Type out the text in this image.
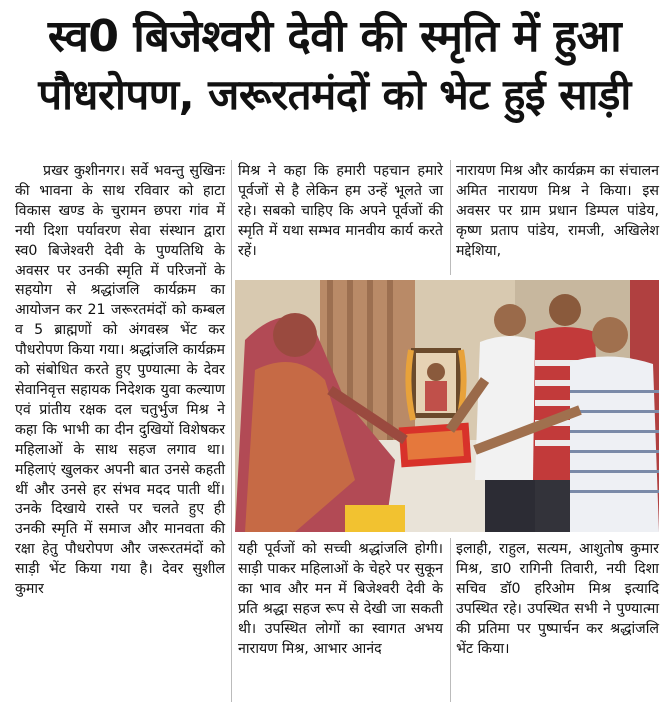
स्व0 बिजेश्वरी देवी की स्मृति में हुआ
पौधरोपण, जरूरतमंदों को भेट हुई साड़ी

प्रखर कुशीनगर। सर्वे भवन्तु सुखिनः की भावना के साथ रविवार को हाटा विकास खण्ड के चुरामन छपरा गांव में नयी दिशा पर्यावरण सेवा संस्थान द्वारा स्व0 बिजेश्वरी देवी के पुण्यतिथि के अवसर पर उनकी स्मृति में परिजनों के सहयोग से श्रद्धांजलि कार्यक्रम का आयोजन कर 21 जरूरतमंदों को कम्बल व 5 ब्राह्मणों को अंगवस्त्र भेंट कर पौधरोपण किया गया। श्रद्धांजलि कार्यक्रम को संबोधित करते हुए पुण्यात्मा के देवर सेवानिवृत्त सहायक निदेशक युवा कल्याण एवं प्रांतीय रक्षक दल चतुर्भुज मिश्र ने कहा कि भाभी का दीन दुखियों विशेषकर महिलाओं के साथ सहज लगाव था। महिलाएं खुलकर अपनी बात उनसे कहती थीं और उनसे हर संभव मदद पाती थीं। उनके दिखाये रास्ते पर चलते हुए ही उनकी स्मृति में समाज और मानवता की रक्षा हेतु पौधरोपण और जरूरतमंदों को साड़ी भेंट किया गया है। देवर सुशील कुमार

मिश्र ने कहा कि हमारी पहचान हमारे पूर्वजों से है लेकिन हम उन्हें भूलते जा रहे। सबको चाहिए कि अपने पूर्वजों की स्मृति में यथा सम्भव मानवीय कार्य करते रहें।

नारायण मिश्र और कार्यक्रम का संचालन अमित नारायण मिश्र ने किया। इस अवसर पर ग्राम प्रधान डिम्पल पांडेय, कृष्ण प्रताप पांडेय, रामजी, अखिलेश मद्देशिया,

यही पूर्वजों को सच्ची श्रद्धांजलि होगी। साड़ी पाकर महिलाओं के चेहरे पर सुकून का भाव और मन में बिजेश्वरी देवी के प्रति श्रद्धा सहज रूप से देखी जा सकती थी। उपस्थित लोगों का स्वागत अभय नारायण मिश्र, आभार आनंद

इलाही, राहुल, सत्यम, आशुतोष कुमार मिश्र, डा0 रागिनी तिवारी, नयी दिशा सचिव डॉ0 हरिओम मिश्र इत्यादि उपस्थित रहे। उपस्थित सभी ने पुण्यात्मा की प्रतिमा पर पुष्पार्चन कर श्रद्धांजलि भेंट किया।
